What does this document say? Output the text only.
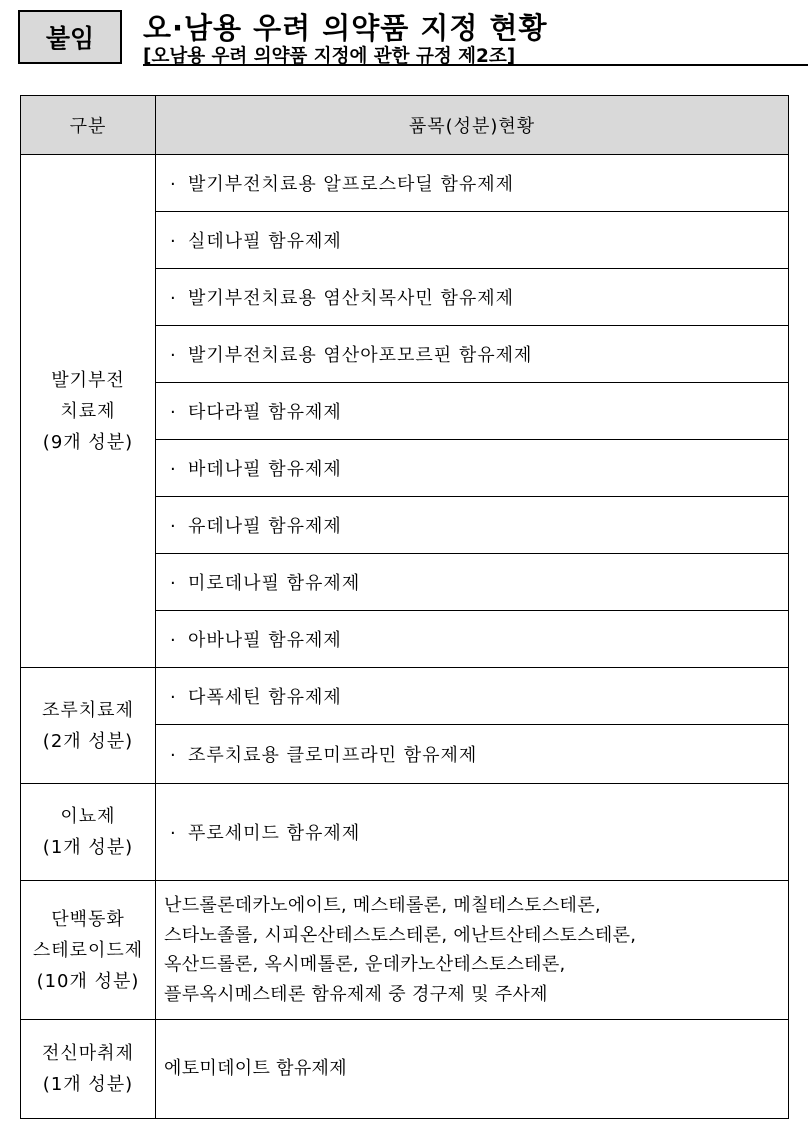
붙임 오·남용 우려 의약품 지정 현황
[오남용 우려 의약품 지정에 관한 규정 제2조]
구분	품목(성분)현황

발기부전
치료제
(9개 성분)	· 발기부전치료용 알프로스타딜 함유제제
	· 실데나필 함유제제
	· 발기부전치료용 염산치목사민 함유제제
	· 발기부전치료용 염산아포모르핀 함유제제
	· 타다라필 함유제제
	· 바데나필 함유제제
	· 유데나필 함유제제
	· 미로데나필 함유제제
	· 아바나필 함유제제

조루치료제
(2개 성분)	· 다폭세틴 함유제제
	· 조루치료용 클로미프라민 함유제제

이뇨제
(1개 성분)	· 푸로세미드 함유제제

단백동화
스테로이드제
(10개 성분)	난드롤론데카노에이트, 메스테롤론, 메칠테스토스테론,
스타노졸롤, 시피온산테스토스테론, 에난트산테스토스테론,
옥산드롤론, 옥시메톨론, 운데카노산테스토스테론,
플루옥시메스테론 함유제제 중 경구제 및 주사제

전신마취제
(1개 성분)	에토미데이트 함유제제
